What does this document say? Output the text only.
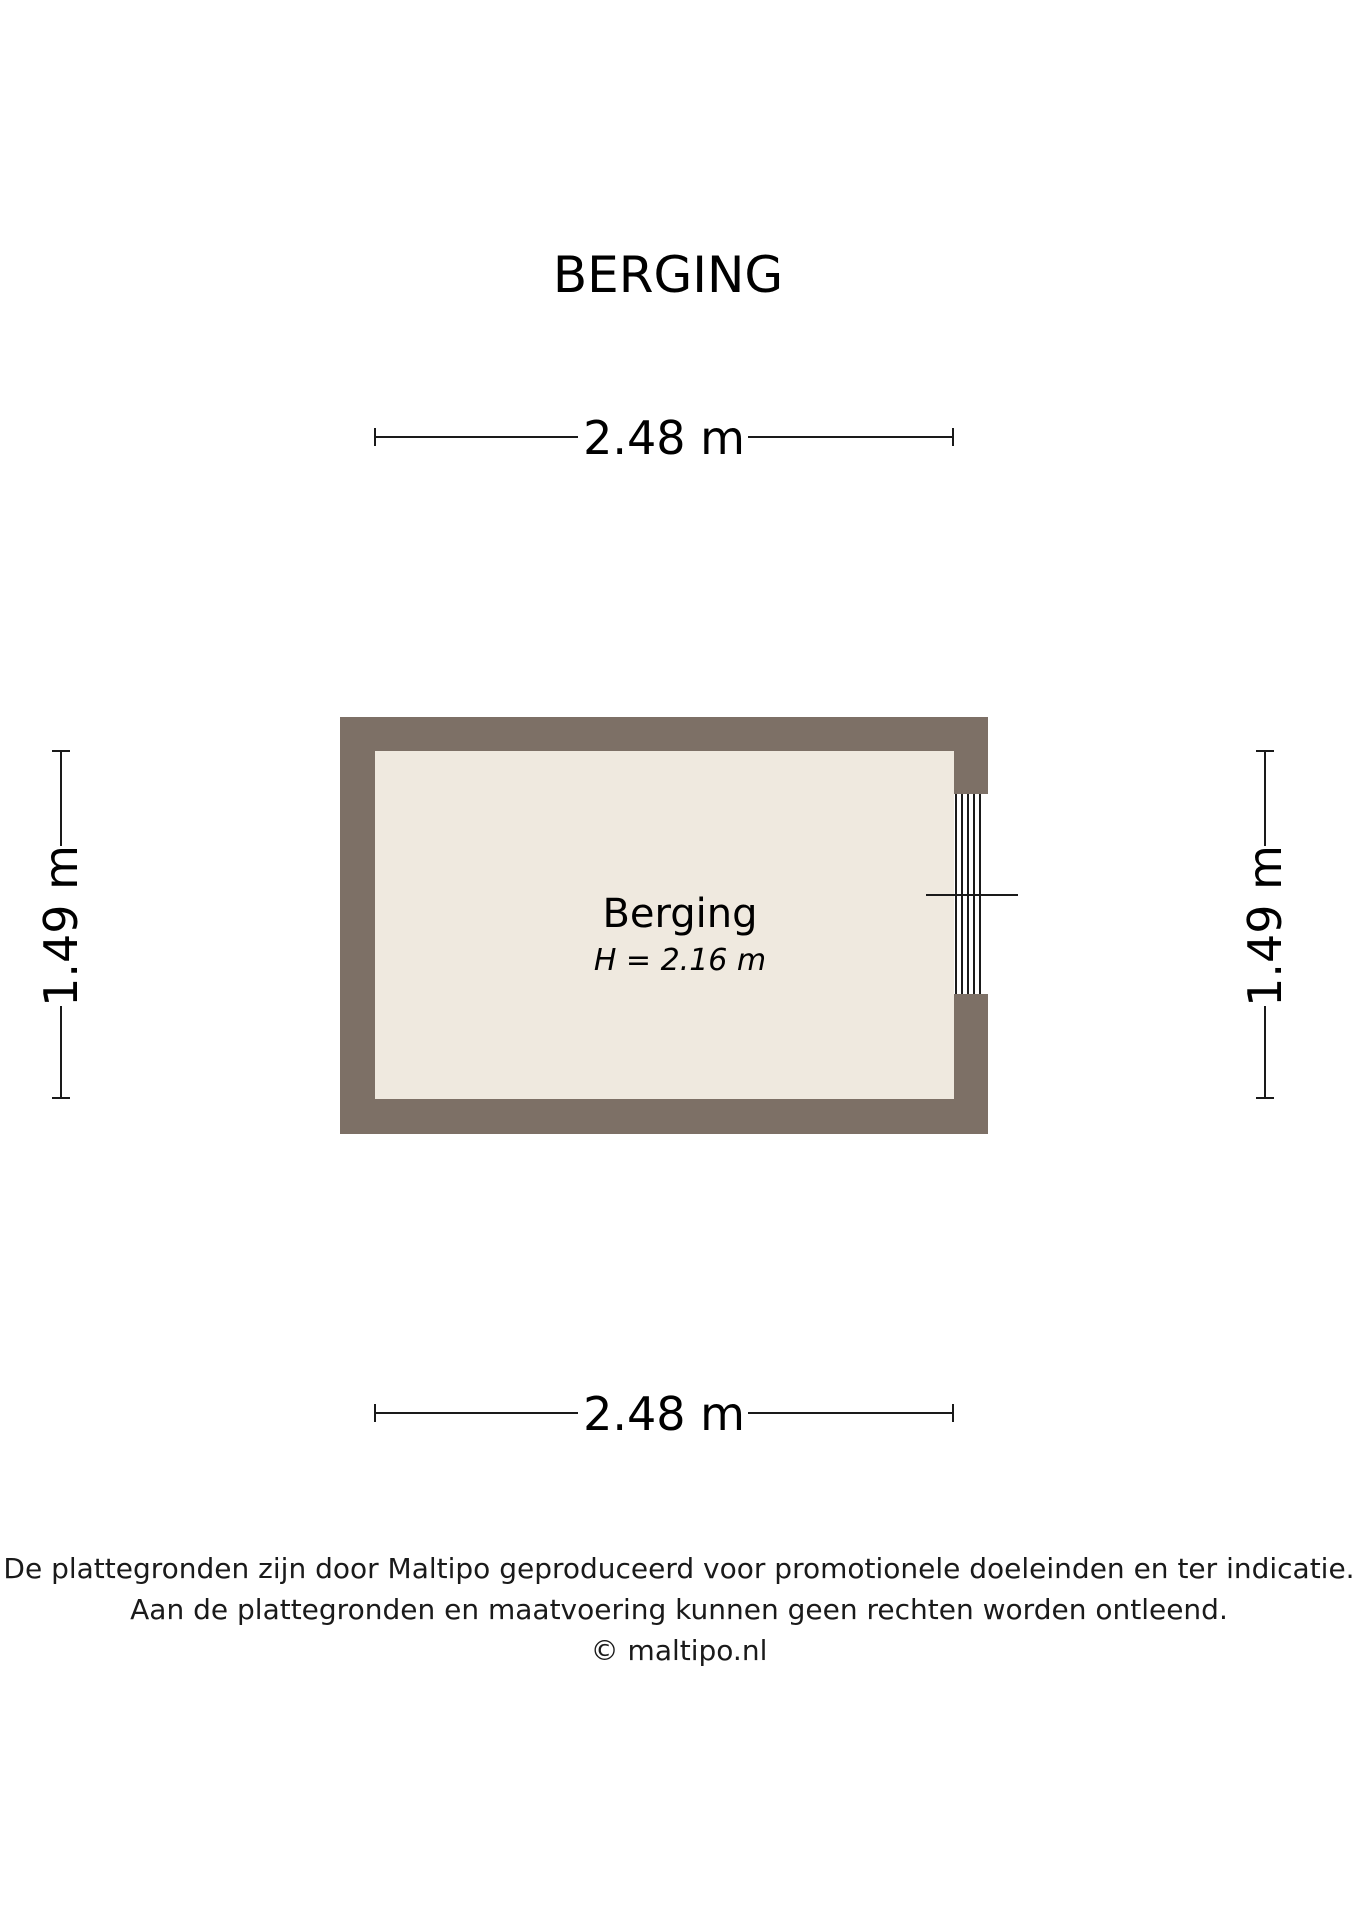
BERGING
2.48 m
2.48 m
1.49 m	1.49 m
Berging
H = 2.16 m
De plattegronden zijn door Maltipo geproduceerd voor promotionele doeleinden en ter indicatie.
Aan de plattegronden en maatvoering kunnen geen rechten worden ontleend.
© maltipo.nl
